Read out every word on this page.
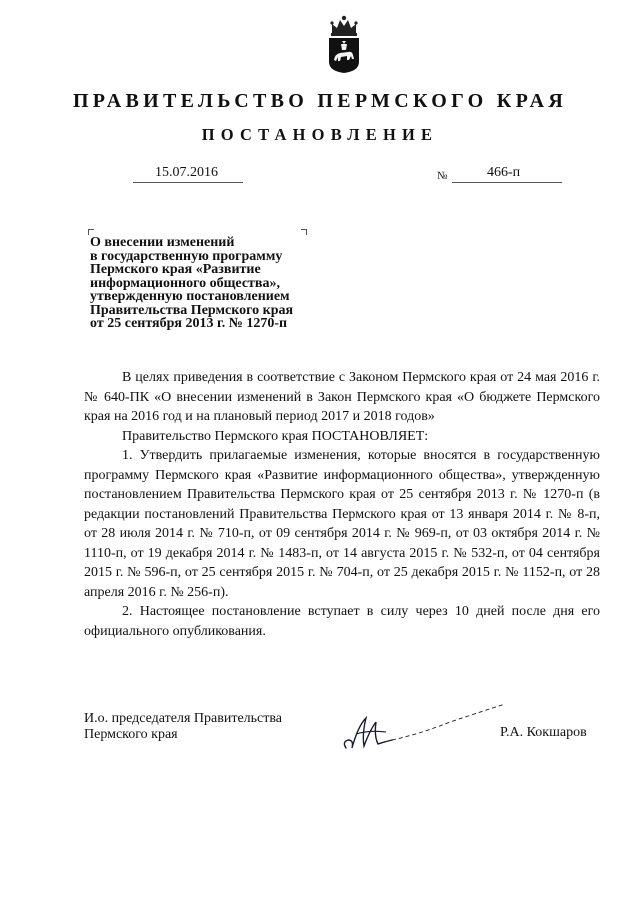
ПРАВИТЕЛЬСТВО ПЕРМСКОГО КРАЯ
ПОСТАНОВЛЕНИЕ
15.07.2016	№	466-п
О внесении изменений
в государственную программу
Пермского края «Развитие
информационного общества»,
утвержденную постановлением
Правительства Пермского края
от 25 сентября 2013 г. № 1270-п

В целях приведения в соответствие с Законом Пермского края от 24 мая 2016 г. № 640-ПК «О внесении изменений в Закон Пермского края «О бюджете Пермского края на 2016 год и на плановый период 2017 и 2018 годов»

Правительство Пермского края ПОСТАНОВЛЯЕТ:

1. Утвердить прилагаемые изменения, которые вносятся в государственную программу Пермского края «Развитие информационного общества», утвержденную постановлением Правительства Пермского края от 25 сентября 2013 г. № 1270-п (в редакции постановлений Правительства Пермского края от 13 января 2014 г. № 8-п, от 28 июля 2014 г. № 710-п, от 09 сентября 2014 г. № 969-п, от 03 октября 2014 г. № 1110-п, от 19 декабря 2014 г. № 1483-п, от 14 августа 2015 г. № 532-п, от 04 сентября 2015 г. № 596-п, от 25 сентября 2015 г. № 704-п, от 25 декабря 2015 г. № 1152-п, от 28 апреля 2016 г. № 256-п).

2. Настоящее постановление вступает в силу через 10 дней после дня его официального опубликования.

И.о. председателя Правительства
Пермского края	Р.А. Кокшаров
